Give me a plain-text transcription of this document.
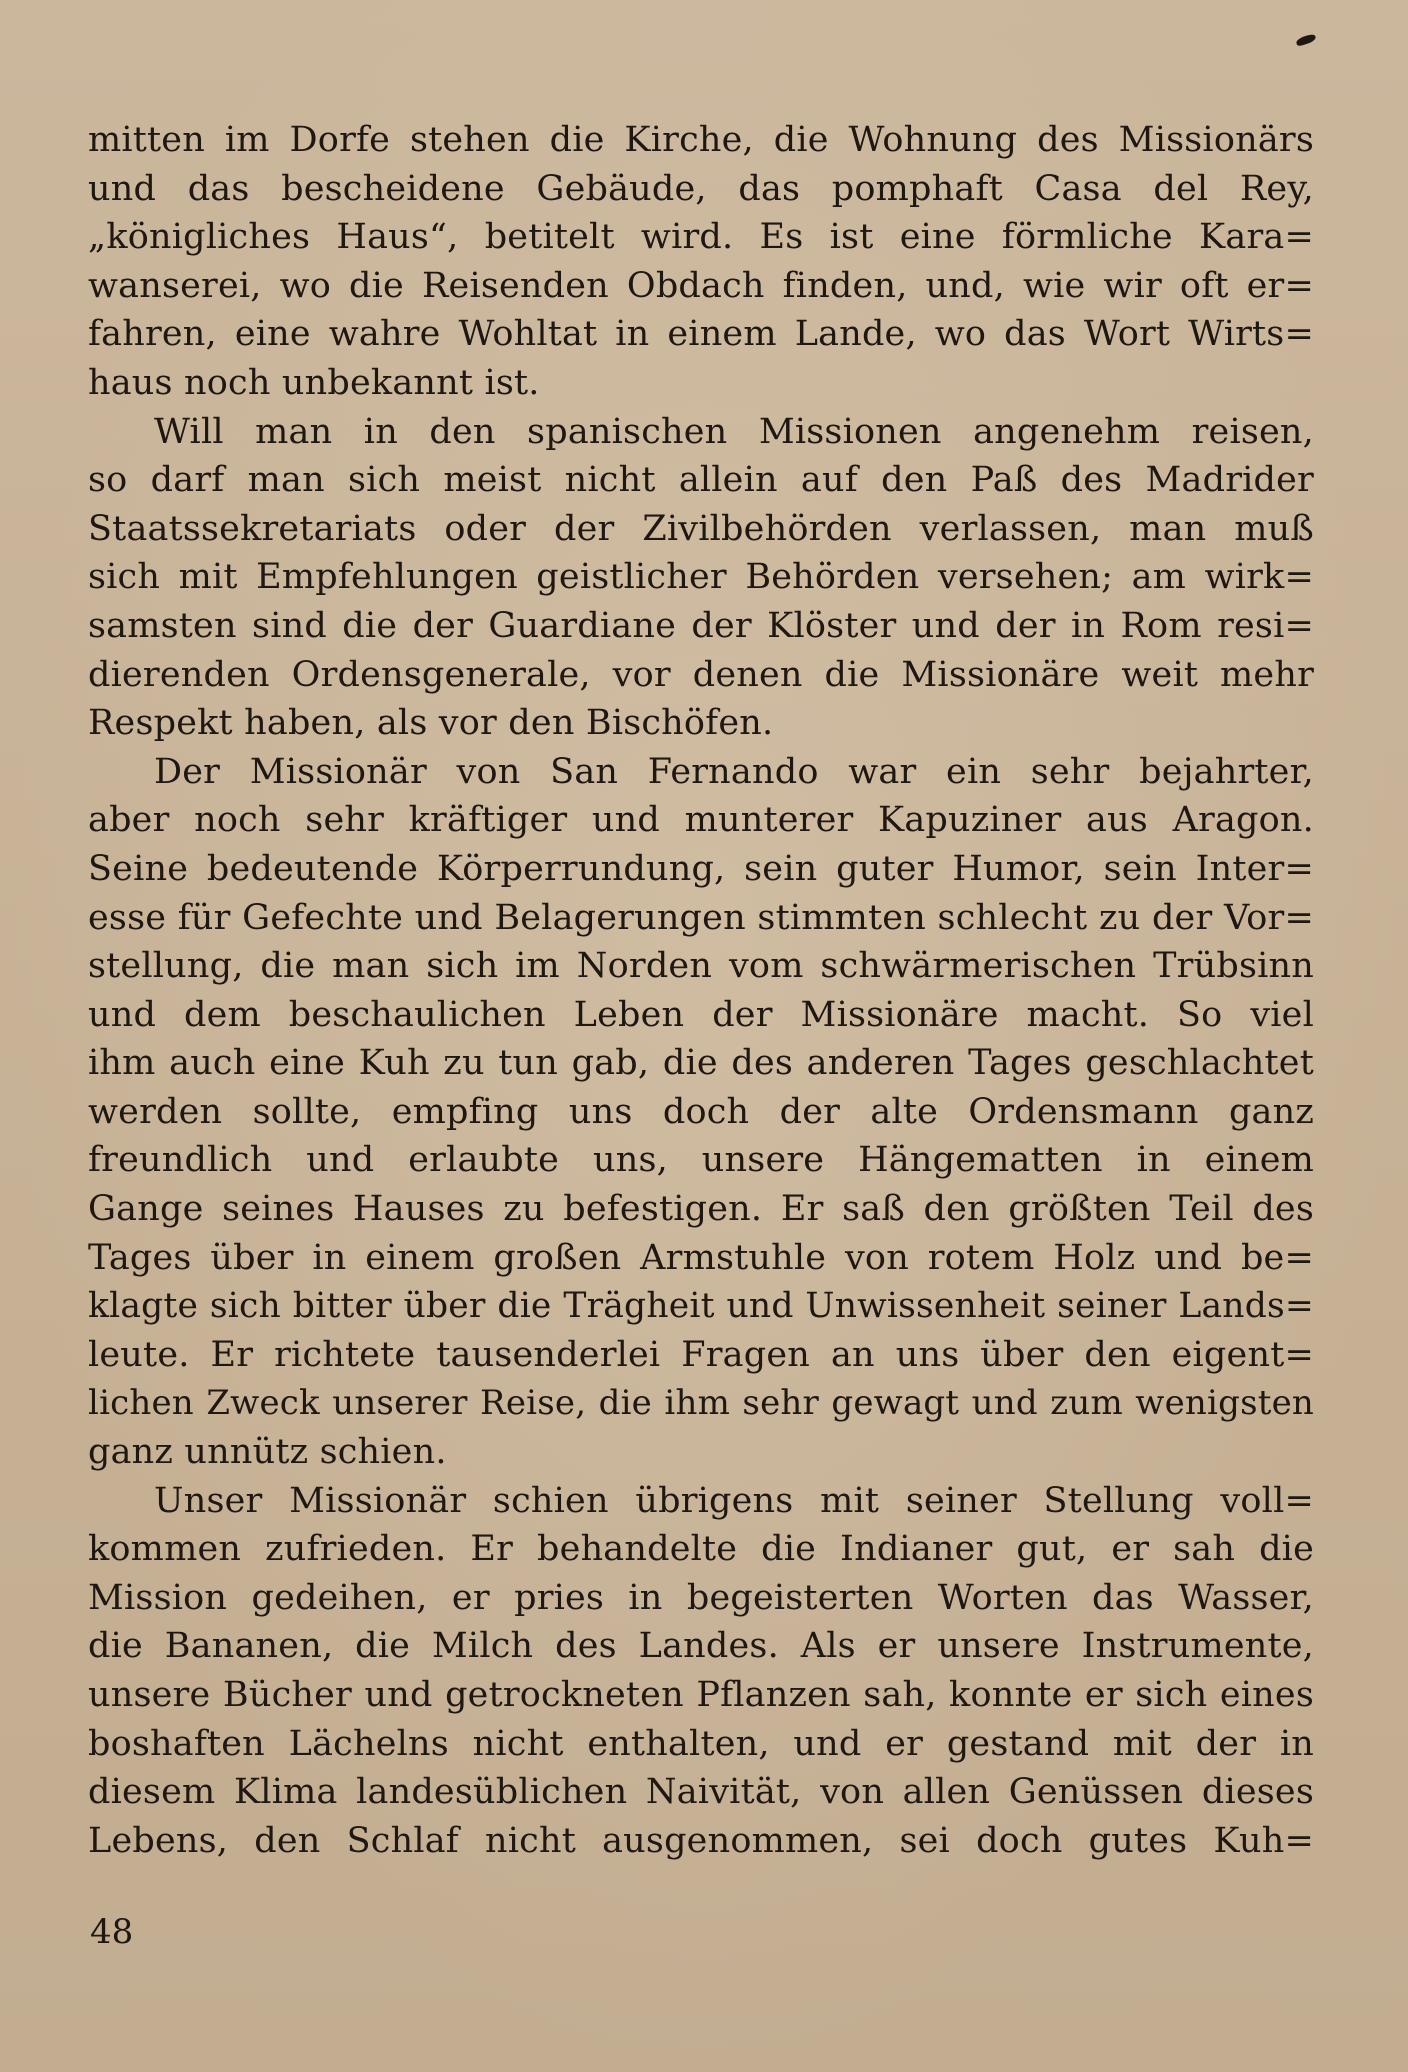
mitten im Dorfe stehen die Kirche, die Wohnung des Missionärs
und das bescheidene Gebäude, das pomphaft Casa del Rey,
„königliches Haus“, betitelt wird. Es ist eine förmliche Kara=
wanserei, wo die Reisenden Obdach finden, und, wie wir oft er=
fahren, eine wahre Wohltat in einem Lande, wo das Wort Wirts=
haus noch unbekannt ist.
Will man in den spanischen Missionen angenehm reisen,
so darf man sich meist nicht allein auf den Paß des Madrider
Staatssekretariats oder der Zivilbehörden verlassen, man muß
sich mit Empfehlungen geistlicher Behörden versehen; am wirk=
samsten sind die der Guardiane der Klöster und der in Rom resi=
dierenden Ordensgenerale, vor denen die Missionäre weit mehr
Respekt haben, als vor den Bischöfen.
Der Missionär von San Fernando war ein sehr bejahrter,
aber noch sehr kräftiger und munterer Kapuziner aus Aragon.
Seine bedeutende Körperrundung, sein guter Humor, sein Inter=
esse für Gefechte und Belagerungen stimmten schlecht zu der Vor=
stellung, die man sich im Norden vom schwärmerischen Trübsinn
und dem beschaulichen Leben der Missionäre macht. So viel
ihm auch eine Kuh zu tun gab, die des anderen Tages geschlachtet
werden sollte, empfing uns doch der alte Ordensmann ganz
freundlich und erlaubte uns, unsere Hängematten in einem
Gange seines Hauses zu befestigen. Er saß den größten Teil des
Tages über in einem großen Armstuhle von rotem Holz und be=
klagte sich bitter über die Trägheit und Unwissenheit seiner Lands=
leute. Er richtete tausenderlei Fragen an uns über den eigent=
lichen Zweck unserer Reise, die ihm sehr gewagt und zum wenigsten
ganz unnütz schien.
Unser Missionär schien übrigens mit seiner Stellung voll=
kommen zufrieden. Er behandelte die Indianer gut, er sah die
Mission gedeihen, er pries in begeisterten Worten das Wasser,
die Bananen, die Milch des Landes. Als er unsere Instrumente,
unsere Bücher und getrockneten Pflanzen sah, konnte er sich eines
boshaften Lächelns nicht enthalten, und er gestand mit der in
diesem Klima landesüblichen Naivität, von allen Genüssen dieses
Lebens, den Schlaf nicht ausgenommen, sei doch gutes Kuh=
48
